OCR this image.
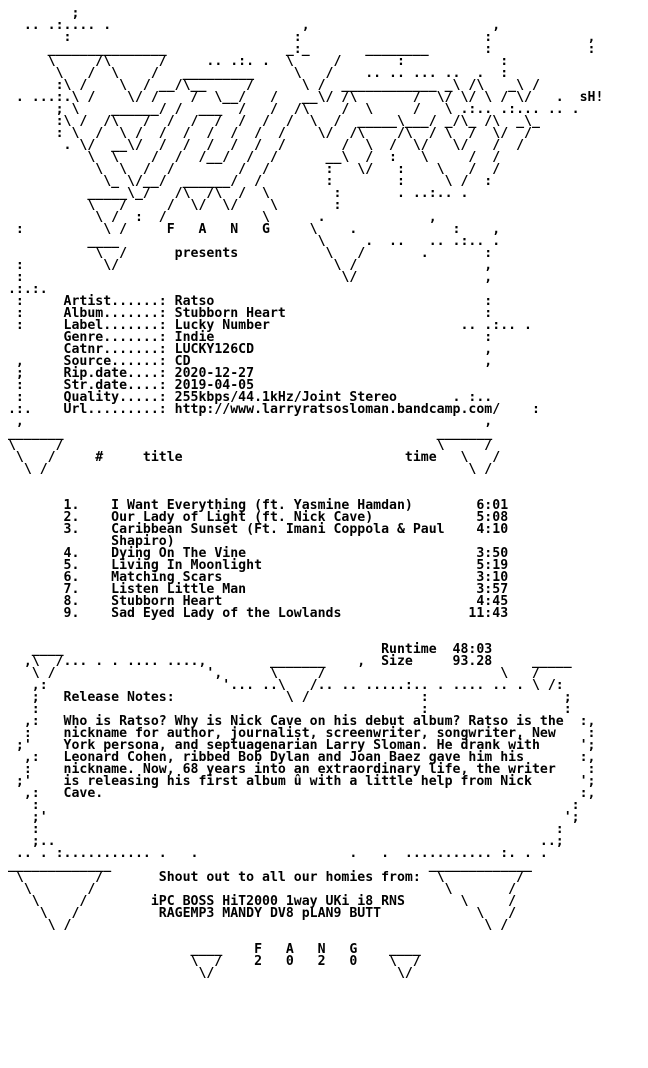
;
.. .:.... .                        ,                       ,
:                            :                       :            ,
_______________               _:_       ________       :            :
\     /\      /     .. .:. .  \     /       :            :
\   /  \    /   _________     \   /    .. .. ... ..  .  :
:\ /    \  / __/\__     /      \ /  ____________ _\ /\   _\ /
. ...:.\ /    \/ /    /  \__/   /   __\/ /\       /  \/ \/ \ / \/   .  sH!
; \    ______/ /  ___  /   /  /\    /  \     /   \ .:.. .:... .. .
:\ /  /\   /  /  /  /  /  /  /  \  /  _____\___/ _/\_ /\  _\_
: \  /  \ /  /  /  /  /  /  /    \/  /\    /\  / \  /  \/  /
. \/  __\/  /  /  /  /  /  /       /  \  /  \/   \/   /  /
\  \    /  /  /__/  /  /      __\  /  :   \     /  /
\  \  /  /        /  /       :   \/   :    \   /  /
\_ \/__/  ______/  /        :        :     \ /  :
_____\_/   /\  /\  /  \        :       . ..:.. .
\   /     /  \/  \/    \       :
\ /  :  /            \      .             ,
:          \ /     F   A   N   G     \    .            :    ,
____                         \     .  ..   .. .:.. .
\  /      presents           \   /       .       :
:          \/                           \ /                ,
:                                        \/                ,
.:.:.
:     Artist......: Ratso                                  :
:     Album.......: Stubborn Heart                         :
:     Label.......: Lucky Number                        .. .:.. .
Genre.......: Indie                                  :
Catnr.......: LUCKY126CD                             ,
,     Source......: CD                                     ,
;     Rip.date....: 2020-12-27
:     Str.date....: 2019-04-05
:     Quality.....: 255kbps/44.1kHz/Joint Stereo       . :..
.:.    Url.........: http://www.larryratsosloman.bandcamp.com/    :
,                                                          ,
_______                                               _______
\     /                                               \     /
\   /     #     title                            time   \   /
\ /                                                     \ /

1.    I Want Everything (ft. Yasmine Hamdan)        6:01
2.    Our Lady of Light (ft. Nick Cave)             5:08
3.    Caribbean Sunset (Ft. Imani Coppola & Paul    4:10
Shapiro)
4.    Dying On The Vine                             3:50
5.    Living In Moonlight                           5:19
6.    Matching Scars                                3:10
7.    Listen Little Man                             3:57
8.    Stubborn Heart                                4:45
9.    Sad Eyed Lady of the Lowlands                11:43

____                                        Runtime  48:03
,\  /... . . .... ....,        _______    ,  Size     93.28     _____
\ /                   ',      \     /                      \   /
,:                      '... ..\   /.. .. .....:.. . .... .. . \ /:
;   Release Notes:              \ /              :                 ;
:                                                :                 :
,:   Who is Ratso? Why is Nick Cave on his debut album? Ratso is the  :,
:    nickname for author, journalist, screenwriter, songwriter, New    :
;'    York persona, and septuagenarian Larry Sloman. He drank with     ';
,:   Leonard Cohen, ribbed Bob Dylan and Joan Baez gave him his       :,
:    nickname. Now, 68 years into an extraordinary life, the writer    :
;'    is releasing his first album û with a little help from Nick      ';
,:   Cave.                                                            :,
:                                                                   :
;'                                                                 ';
:                                                                 :
;..                                                             ..;
.. . :........... .   .                   .   .  ........... :. . .
_____________                                        _____________
\         /       Shout out to all our homies from:  \         /
\       /                                            \       /
\     /        iPC BOSS HiT2000 1way UKi i8 RNS       \     /
\   /          RAGEMP3 MANDY DV8 pLAN9 BUTT            \   /
\ /                                                    \ /

____    F   A   N   G    ____
\  /    2   0   2   0    \  /
\/                       \/
